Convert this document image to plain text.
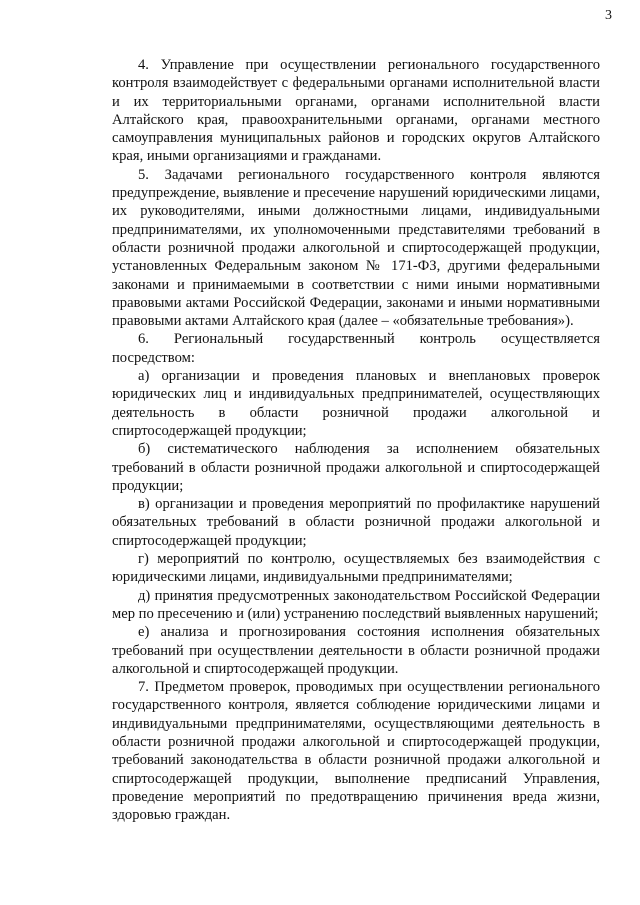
3

4. Управление при осуществлении регионального государственного контроля взаимодействует с федеральными органами исполнительной власти и их территориальными органами, органами исполнительной власти Алтайского края, правоохранительными органами, органами местного самоуправления муниципальных районов и городских округов Алтайского края, иными организациями и гражданами.

5. Задачами регионального государственного контроля являются предупреждение, выявление и пресечение нарушений юридическими лицами, их руководителями, иными должностными лицами, индивидуальными предпринимателями, их уполномоченными представителями требований в области розничной продажи алкогольной и спиртосодержащей продукции, установленных Федеральным законом № 171-ФЗ, другими федеральными законами и принимаемыми в соответствии с ними иными нормативными правовыми актами Российской Федерации, законами и иными нормативными правовыми актами Алтайского края (далее – «обязательные требования»).

6. Региональный государственный контроль осуществляется посредством:

а) организации и проведения плановых и внеплановых проверок юридических лиц и индивидуальных предпринимателей, осуществляющих деятельность в области розничной продажи алкогольной и спиртосодержащей продукции;

б) систематического наблюдения за исполнением обязательных требований в области розничной продажи алкогольной и спиртосодержащей продукции;

в) организации и проведения мероприятий по профилактике нарушений обязательных требований в области розничной продажи алкогольной и спиртосодержащей продукции;

г) мероприятий по контролю, осуществляемых без взаимодействия с юридическими лицами, индивидуальными предпринимателями;

д) принятия предусмотренных законодательством Российской Федерации мер по пресечению и (или) устранению последствий выявленных нарушений;

е) анализа и прогнозирования состояния исполнения обязательных требований при осуществлении деятельности в области розничной продажи алкогольной и спиртосодержащей продукции.

7. Предметом проверок, проводимых при осуществлении регионального государственного контроля, является соблюдение юридическими лицами и индивидуальными предпринимателями, осуществляющими деятельность в области розничной продажи алкогольной и спиртосодержащей продукции, требований законодательства в области розничной продажи алкогольной и спиртосодержащей продукции, выполнение предписаний Управления, проведение мероприятий по предотвращению причинения вреда жизни, здоровью граждан.
